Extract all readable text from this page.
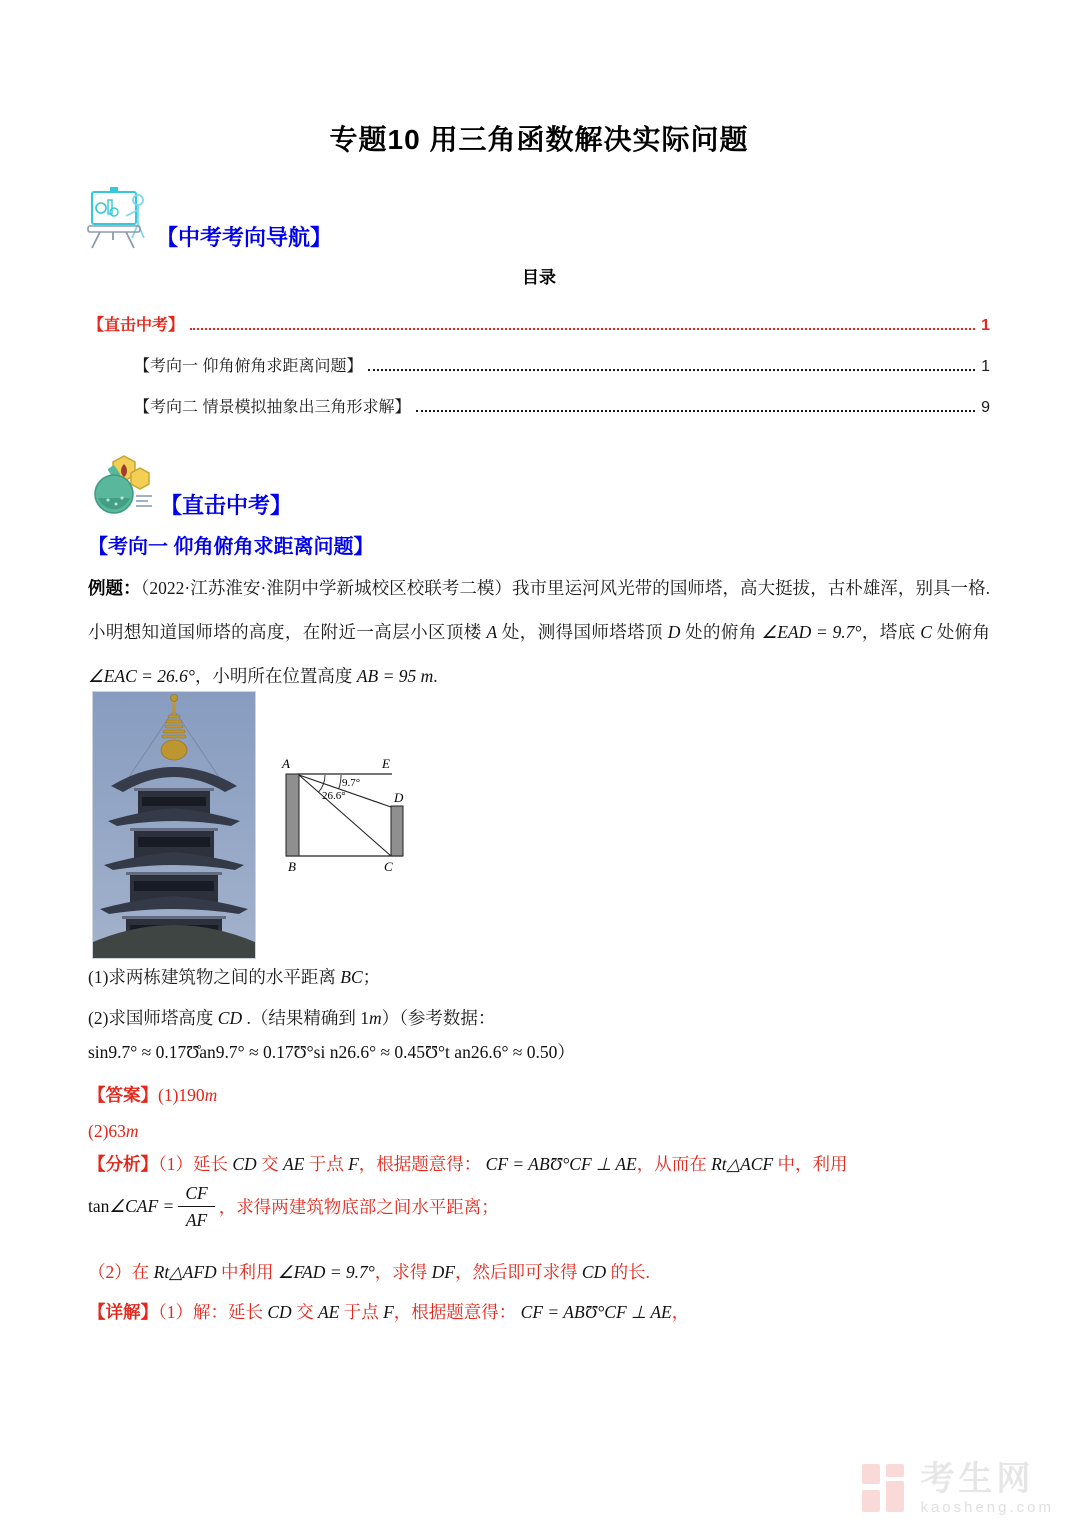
专题10 用三角函数解决实际问题
【中考考向导航】
目录
【直击中考】	1
【考向一 仰角俯角求距离问题】	1
【考向二 情景模拟抽象出三角形求解】	9
【直击中考】
【考向一 仰角俯角求距离问题】
例题：（2022·江苏淮安·淮阴中学新城校区校联考二模）我市里运河风光带的国师塔，高大挺拔，古朴雄浑，别具一格.小明想知道国师塔的高度，在附近一高层小区顶楼 A 处，测得国师塔塔顶 D 处的俯角 ∠EAD = 9.7°，塔底 C 处俯角 ∠EAC = 26.6°，小明所在位置高度 AB = 95 m.
A	E
D
B	C
9.7°
26.6°
(1)求两栋建筑物之间的水平距离 BC；
(2)求国师塔高度 CD .（结果精确到 1m）（参考数据：
sin9.7° ≈ 0.17Ʊ̊an9.7° ≈ 0.17Ʊ°si n26.6° ≈ 0.45Ʊ°t an26.6° ≈ 0.50）
【答案】(1)190m
(2)63m
【分析】（1）延长 CD 交 AE 于点 F，根据题意得： CF = ABƱ°CF ⊥ AE，从而在 Rt△ACF 中，利用
tan∠CAF = $\frac{CF}{AF}$ ，求得两建筑物底部之间水平距离；
（2）在 Rt△AFD 中利用 ∠FAD = 9.7°，求得 DF，然后即可求得 CD 的长.
【详解】（1）解：延长 CD 交 AE 于点 F，根据题意得： CF = ABƱ°CF ⊥ AE，
考生网
kaosheng.com
